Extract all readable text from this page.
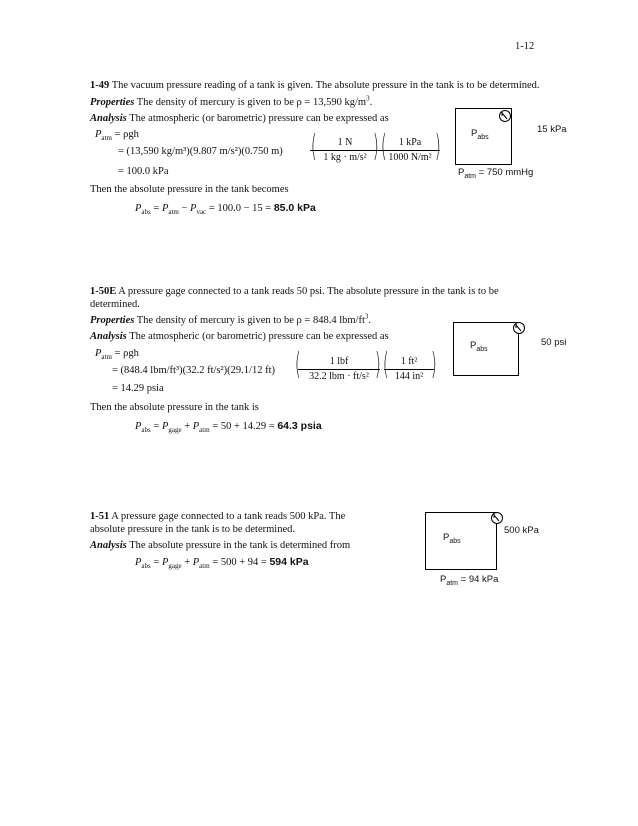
1-12
1-49 The vacuum pressure reading of a tank is given. The absolute pressure in the tank is to be determined.
Properties The density of mercury is given to be ρ = 13,590 $kg/m^3$.
Analysis The atmospheric (or barometric) pressure can be expressed as
$P_{atm} = \rho gh$
= (13,590 kg/m³)(9.807 m/s²)(0.750 m) (
$\frac{1 N}{\text{1 kg · m/s²}}$
) (	1 kPa
1000 N/m² )
= 100.0 kPa
Then the absolute pressure in the tank becomes
$P_{abs} = P_{atm} - P_{vac} = 100.0 - 15 = 85.0$ kPa
$P_{abs}$
15 kPa
$P_{atm} = 750$ mmHg
1-50E A pressure gage connected to a tank reads 50 psi. The absolute pressure in the tank is to be
determined.
Properties The density of mercury is given to be ρ = 848.4 lbm/$ft^3$.
Analysis The atmospheric (or barometric) pressure can be expressed as
$P_{atm} = \rho gh$
= (848.4 lbm/ft³)(32.2 ft/s²)(29.1/12 ft) (	1 lbf
32.2 lbm · ft/s² ) (
$\frac{\text{1 ft²}}{\text{144 in²}}$
)
= 14.29 psia
Then the absolute pressure in the tank is
$P_{abs} = P_{gage} + P_{atm} = 50 + 14.29 = 64.3$ psia
$P_{abs}$
50 psi
1-51 A pressure gage connected to a tank reads 500 kPa. The
absolute pressure in the tank is to be determined.
Analysis The absolute pressure in the tank is determined from
$P_{abs} = P_{gage} + P_{atm} = 500 + 94 = 594$ kPa
$P_{abs}$
500 kPa
$P_{atm} = 94$ kPa
